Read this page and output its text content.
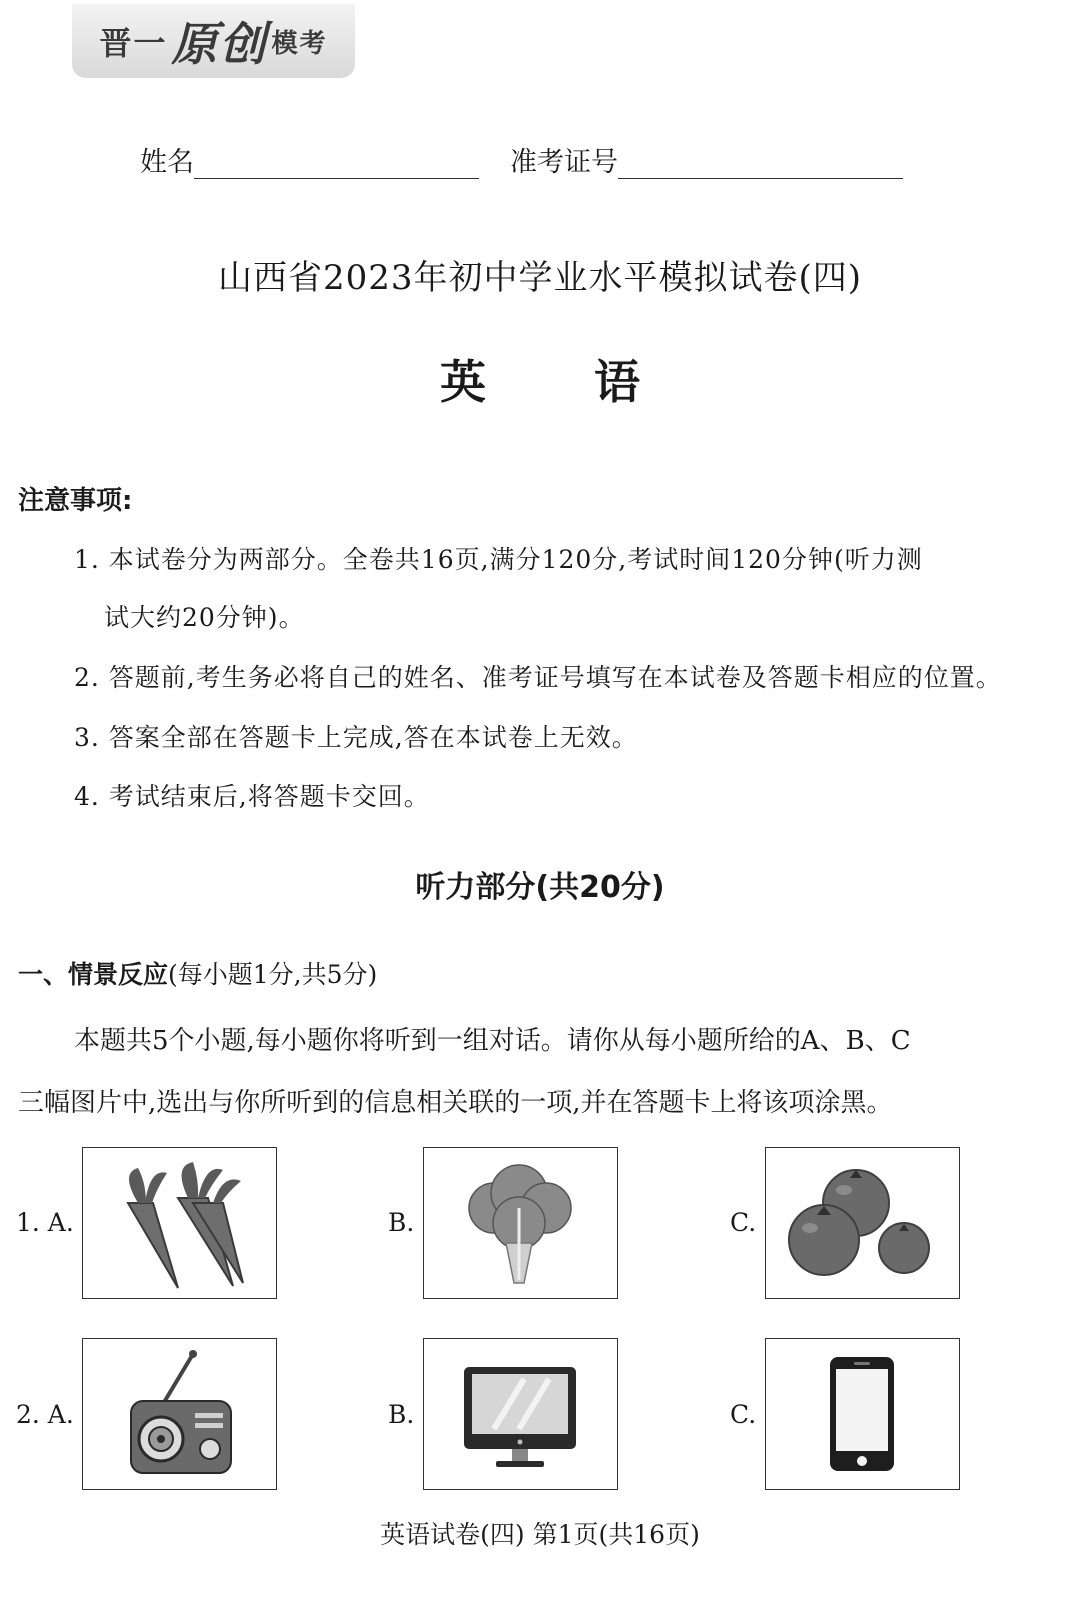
晋一 原创 模考
姓名	准考证号
山西省2023年初中学业水平模拟试卷(四)
英 语
注意事项:
1. 本试卷分为两部分。全卷共16页,满分120分,考试时间120分钟(听力测
试大约20分钟)。
2. 答题前,考生务必将自己的姓名、准考证号填写在本试卷及答题卡相应的位置。
3. 答案全部在答题卡上完成,答在本试卷上无效。
4. 考试结束后,将答题卡交回。
听力部分(共20分)
一、情景反应(每小题1分,共5分)
本题共5个小题,每小题你将听到一组对话。请你从每小题所给的A、B、C
三幅图片中,选出与你所听到的信息相关联的一项,并在答题卡上将该项涂黑。
1. A.	B.	C.
2. A.	B.	C.
英语试卷(四) 第1页(共16页)
